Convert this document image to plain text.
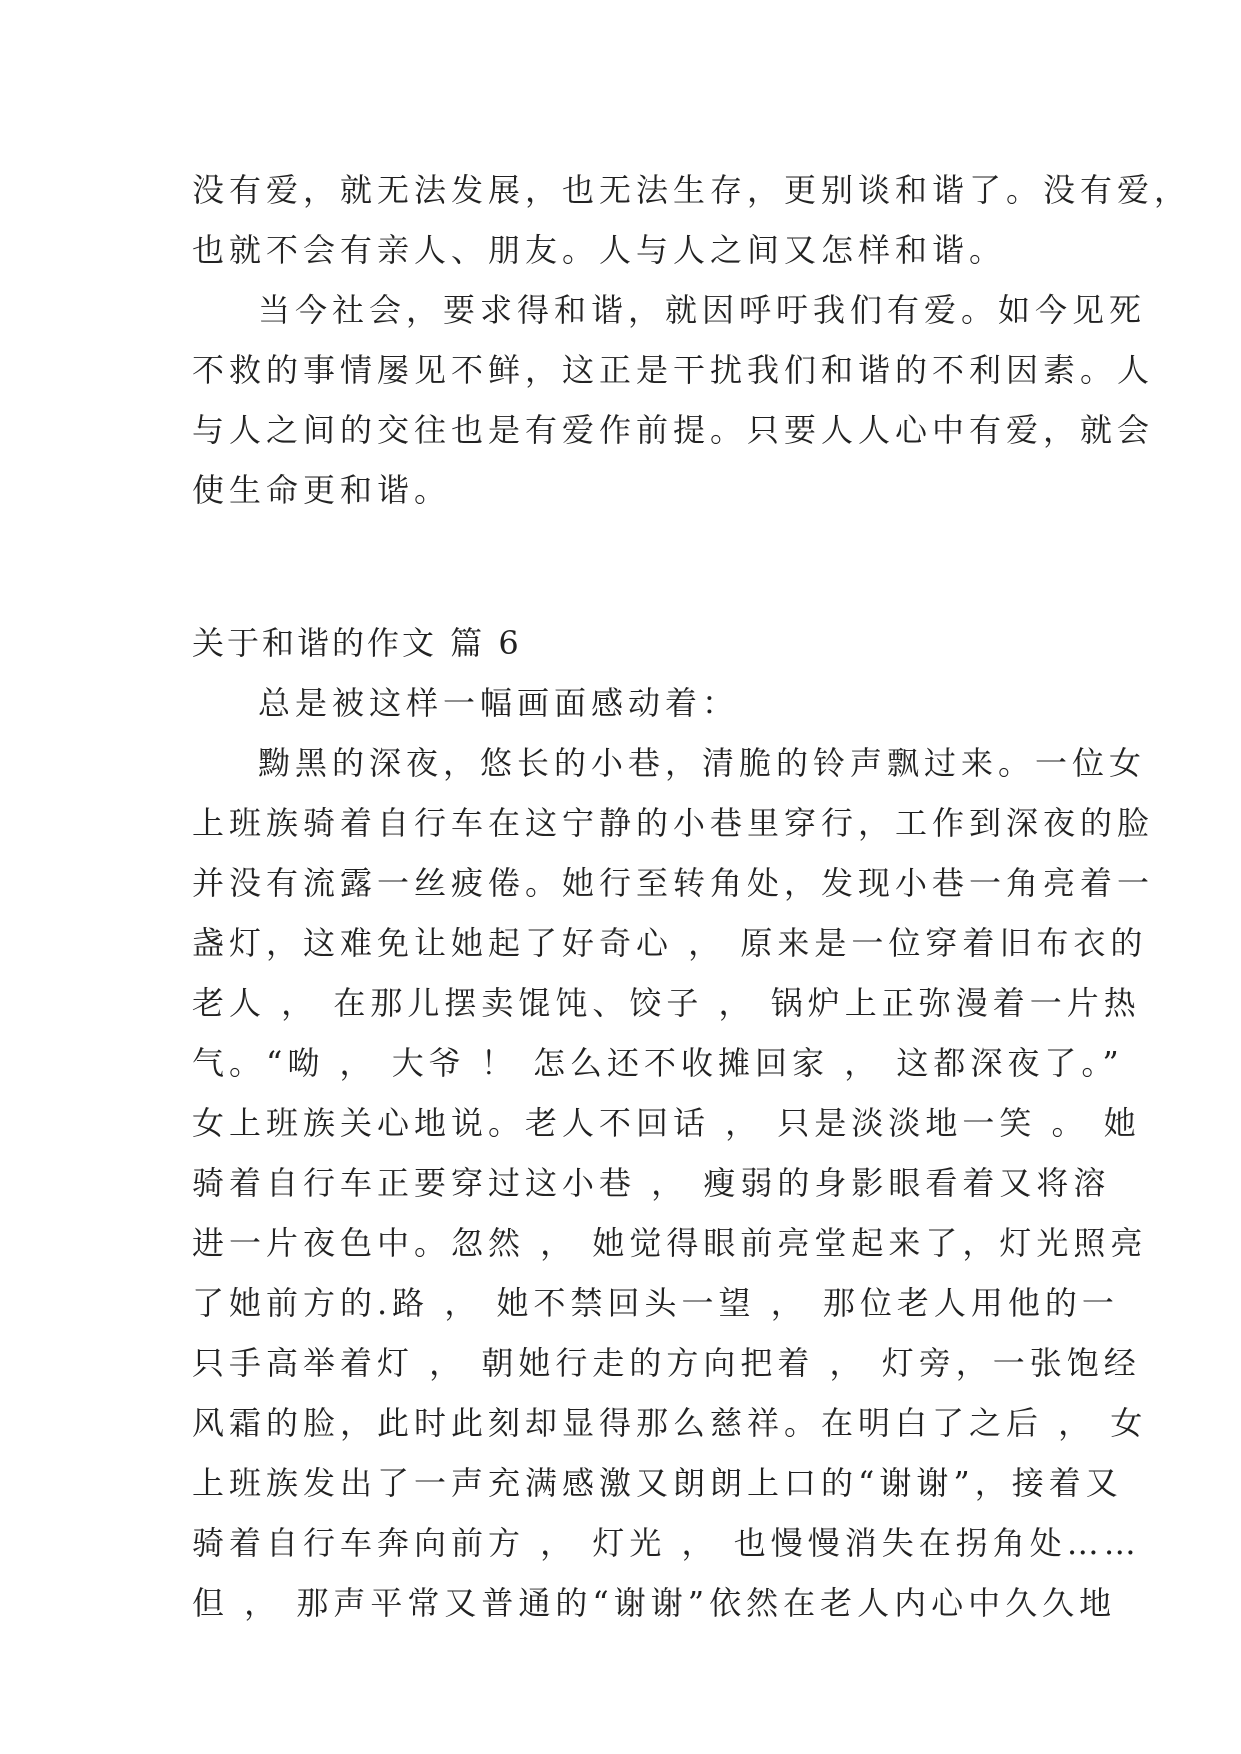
没有爱，就无法发展，也无法生存，更别谈和谐了。没有爱，
也就不会有亲人、朋友。人与人之间又怎样和谐。
当今社会，要求得和谐，就因呼吁我们有爱。如今见死
不救的事情屡见不鲜，这正是干扰我们和谐的不利因素。人
与人之间的交往也是有爱作前提。只要人人心中有爱，就会
使生命更和谐。
关于和谐的作文 篇 6
总是被这样一幅画面感动着：
黝黑的深夜，悠长的小巷，清脆的铃声飘过来。一位女
上班族骑着自行车在这宁静的小巷里穿行，工作到深夜的脸
并没有流露一丝疲倦。她行至转角处，发现小巷一角亮着一
盏灯，这难免让她起了好奇心 ， 原来是一位穿着旧布衣的
老人 ， 在那儿摆卖馄饨、饺子 ， 锅炉上正弥漫着一片热
气。“呦 ， 大爷 ！ 怎么还不收摊回家 ， 这都深夜了。”
女上班族关心地说。老人不回话 ， 只是淡淡地一笑 。 她
骑着自行车正要穿过这小巷 ， 瘦弱的身影眼看着又将溶
进一片夜色中。忽然 ， 她觉得眼前亮堂起来了，灯光照亮
了她前方的.路 ， 她不禁回头一望 ， 那位老人用他的一
只手高举着灯 ， 朝她行走的方向把着 ， 灯旁，一张饱经
风霜的脸，此时此刻却显得那么慈祥。在明白了之后 ， 女
上班族发出了一声充满感激又朗朗上口的“谢谢”，接着又
骑着自行车奔向前方 ， 灯光 ， 也慢慢消失在拐角处……
但 ， 那声平常又普通的“谢谢”依然在老人内心中久久地
